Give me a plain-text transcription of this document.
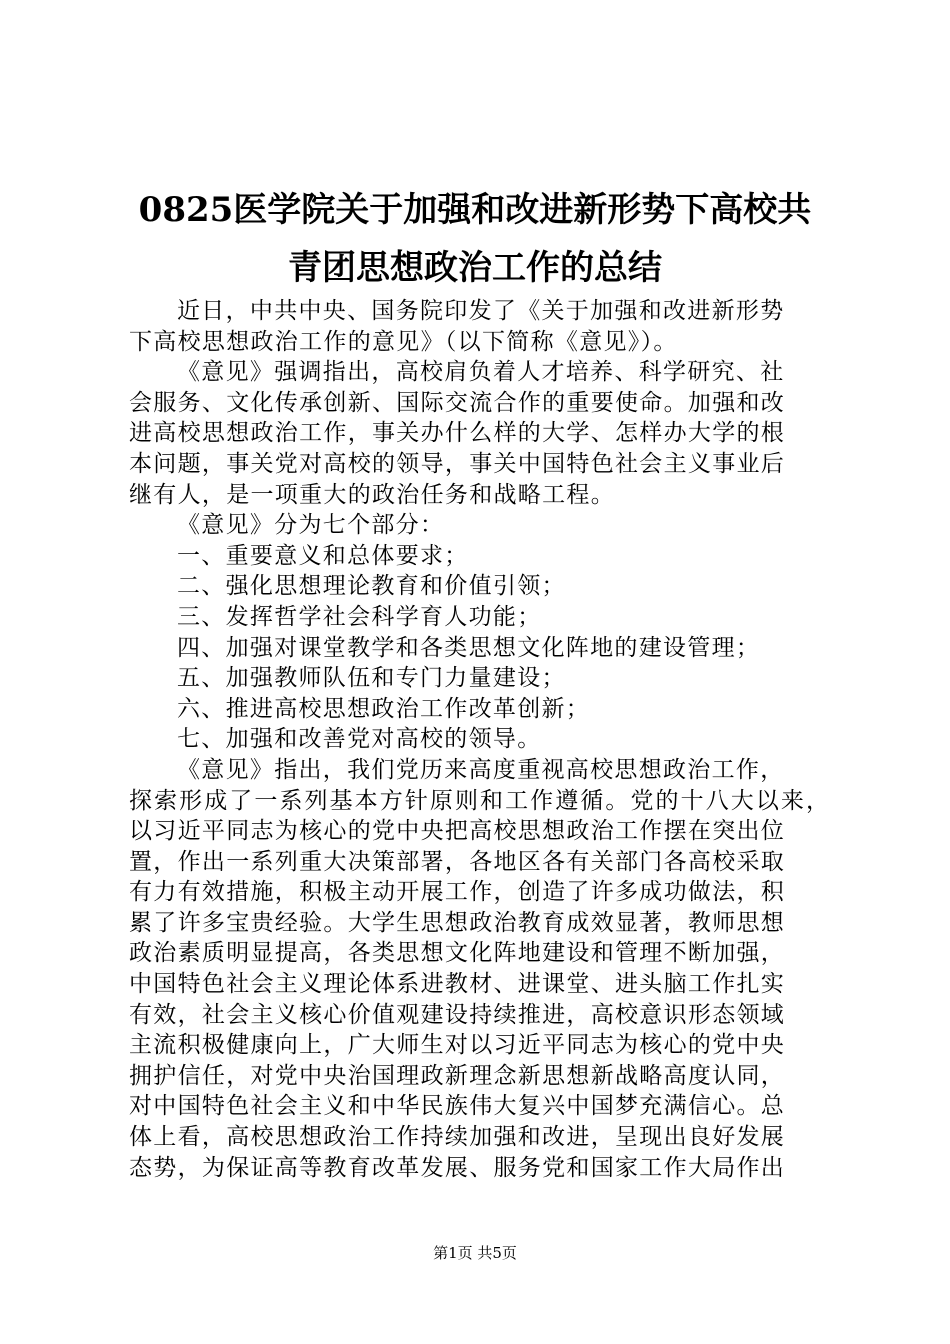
0825医学院关于加强和改进新形势下高校共
青团思想政治工作的总结
近日，中共中央、国务院印发了《关于加强和改进新形势
下高校思想政治工作的意见》（以下简称《意见》）。
《意见》强调指出，高校肩负着人才培养、科学研究、社
会服务、文化传承创新、国际交流合作的重要使命。加强和改
进高校思想政治工作，事关办什么样的大学、怎样办大学的根
本问题，事关党对高校的领导，事关中国特色社会主义事业后
继有人，是一项重大的政治任务和战略工程。
《意见》分为七个部分：
一、重要意义和总体要求；
二、强化思想理论教育和价值引领；
三、发挥哲学社会科学育人功能；
四、加强对课堂教学和各类思想文化阵地的建设管理；
五、加强教师队伍和专门力量建设；
六、推进高校思想政治工作改革创新；
七、加强和改善党对高校的领导。
《意见》指出，我们党历来高度重视高校思想政治工作，
探索形成了一系列基本方针原则和工作遵循。党的十八大以来，
以习近平同志为核心的党中央把高校思想政治工作摆在突出位
置，作出一系列重大决策部署，各地区各有关部门各高校采取
有力有效措施，积极主动开展工作，创造了许多成功做法，积
累了许多宝贵经验。大学生思想政治教育成效显著，教师思想
政治素质明显提高，各类思想文化阵地建设和管理不断加强，
中国特色社会主义理论体系进教材、进课堂、进头脑工作扎实
有效，社会主义核心价值观建设持续推进，高校意识形态领域
主流积极健康向上，广大师生对以习近平同志为核心的党中央
拥护信任，对党中央治国理政新理念新思想新战略高度认同，
对中国特色社会主义和中华民族伟大复兴中国梦充满信心。总
体上看，高校思想政治工作持续加强和改进，呈现出良好发展
态势，为保证高等教育改革发展、服务党和国家工作大局作出
第1页 共5页
